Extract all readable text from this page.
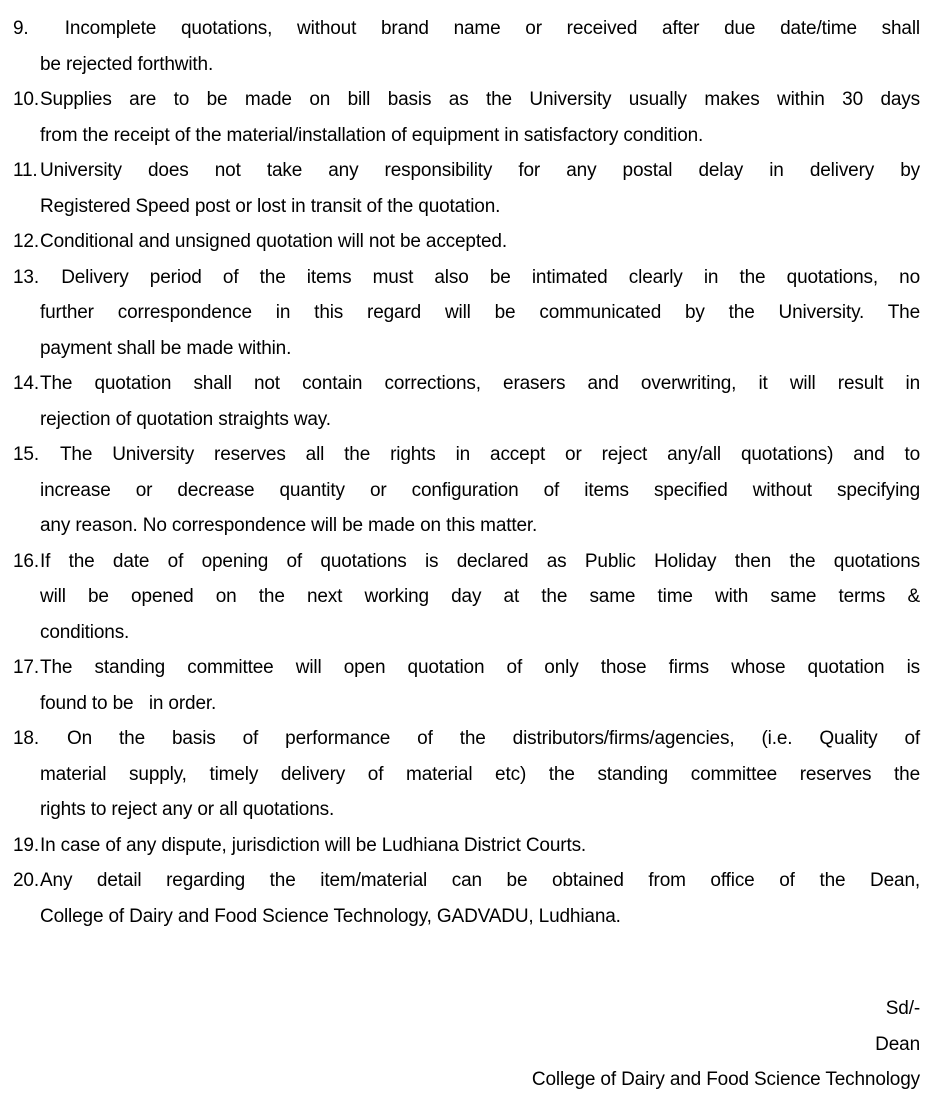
9. Incomplete quotations, without brand name or received after due date/time shall
be rejected forthwith.
10. Supplies are to be made on bill basis as the University usually makes within 30 days
from the receipt of the material/installation of equipment in satisfactory condition.
11. University does not take any responsibility for any postal delay in delivery by
Registered Speed post or lost in transit of the quotation.
12. Conditional and unsigned quotation will not be accepted.
13. Delivery period of the items must also be intimated clearly in the quotations, no
further correspondence in this regard will be communicated by the University. The
payment shall be made within.
14. The quotation shall not contain corrections, erasers and overwriting, it will result in
rejection of quotation straights way.
15. The University reserves all the rights in accept or reject any/all quotations) and to
increase or decrease quantity or configuration of items specified without specifying
any reason. No correspondence will be made on this matter.
16. If the date of opening of quotations is declared as Public Holiday then the quotations
will be opened on the next working day at the same time with same terms &
conditions.
17. The standing committee will open quotation of only those firms whose quotation is
found to be   in order.
18. On the basis of performance of the distributors/firms/agencies, (i.e. Quality of
material supply, timely delivery of material etc) the standing committee reserves the
rights to reject any or all quotations.
19. In case of any dispute, jurisdiction will be Ludhiana District Courts.
20. Any detail regarding the item/material can be obtained from office of the Dean,
College of Dairy and Food Science Technology, GADVADU, Ludhiana.
Sd/-
Dean
College of Dairy and Food Science Technology
